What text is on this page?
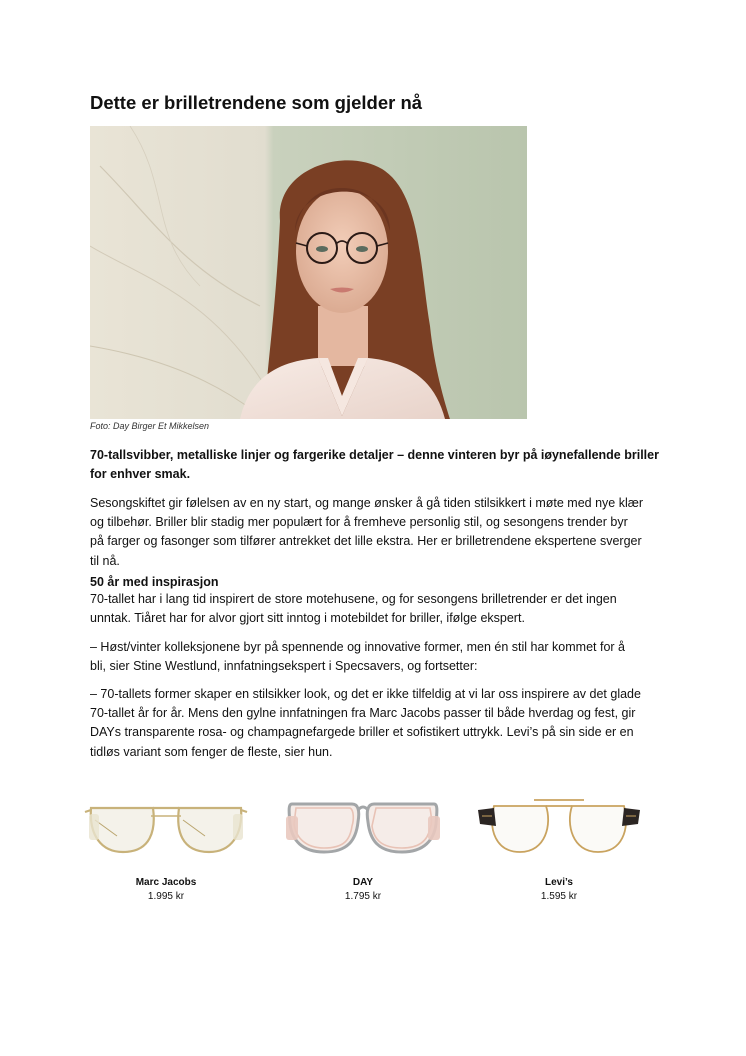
Dette er brilletrendene som gjelder nå
Foto: Day Birger Et Mikkelsen

70-tallsvibber, metalliske linjer og fargerike detaljer – denne vinteren byr på iøynefallende briller
for enhver smak.

Sesongskiftet gir følelsen av en ny start, og mange ønsker å gå tiden stilsikkert i møte med nye klær
og tilbehør. Briller blir stadig mer populært for å fremheve personlig stil, og sesongens trender byr
på farger og fasonger som tilfører antrekket det lille ekstra. Her er brilletrendene ekspertene sverger
til nå.

50 år med inspirasjon

70-tallet har i lang tid inspirert de store motehusene, og for sesongens brilletrender er det ingen
unntak. Tiåret har for alvor gjort sitt inntog i motebildet for briller, ifølge ekspert.

– Høst/vinter kolleksjonene byr på spennende og innovative former, men én stil har kommet for å
bli, sier Stine Westlund, innfatningsekspert i Specsavers, og fortsetter:

– 70-tallets former skaper en stilsikker look, og det er ikke tilfeldig at vi lar oss inspirere av det glade
70-tallet år for år. Mens den gylne innfatningen fra Marc Jacobs passer til både hverdag og fest, gir
DAYs transparente rosa- og champagnefargede briller et sofistikert uttrykk. Levi’s på sin side er en
tidløs variant som fenger de fleste, sier hun.

Marc Jacobs
1.995 kr
DAY
1.795 kr
Levi’s
1.595 kr
